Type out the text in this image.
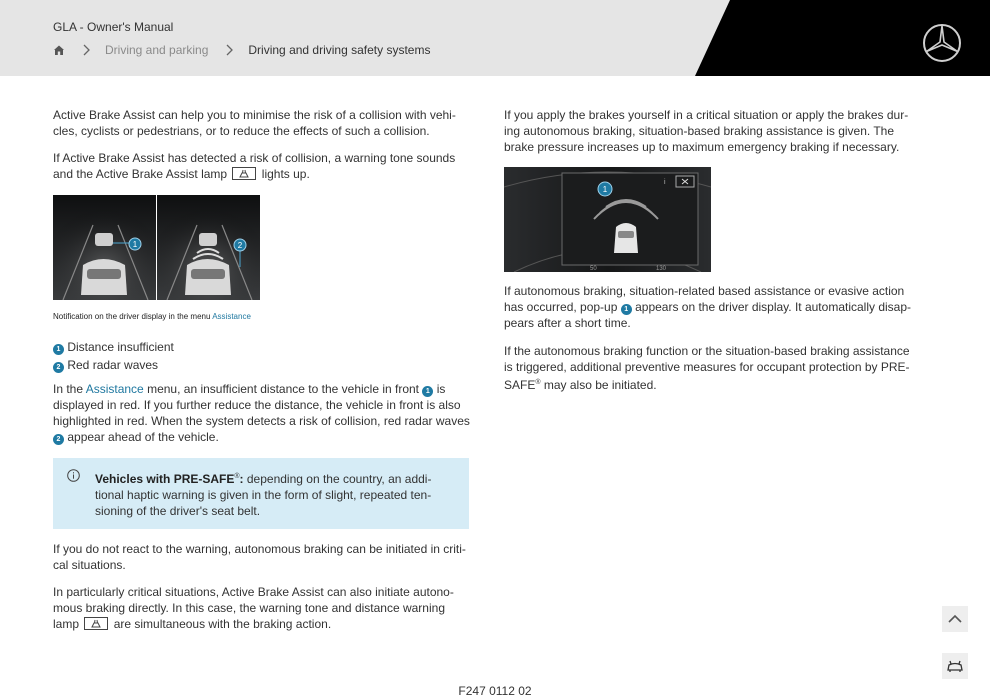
GLA - Owner's Manual
Driving and parking	Driving and driving safety systems

Active Brake Assist can help you to minimise the risk of a collision with vehi-
cles, cyclists or pedestrians, or to reduce the effects of such a collision.

If Active Brake Assist has detected a risk of collision, a warning tone sounds

and the Active Brake Assist lamp	lights up.

1	2
Notification on the driver display in the menu Assistance

1 Distance insufficient

2 Red radar waves

In the Assistance menu, an insufficient distance to the vehicle in front 1 is

displayed in red. If you further reduce the distance, the vehicle in front is also

highlighted in red. When the system detects a risk of collision, red radar waves

2 appear ahead of the vehicle.

Vehicles with PRE-SAFE®: depending on the country, an addi-
tional haptic warning is given in the form of slight, repeated ten-
sioning of the driver's seat belt.

If you do not react to the warning, autonomous braking can be initiated in criti-
cal situations.

In particularly critical situations, Active Brake Assist can also initiate autono-

mous braking directly. In this case, the warning tone and distance warning

lamp	are simultaneous with the braking action.

If you apply the brakes yourself in a critical situation or apply the brakes dur-
ing autonomous braking, situation-based braking assistance is given. The
brake pressure increases up to maximum emergency braking if necessary.

i
1
50	130

If autonomous braking, situation-related based assistance or evasive action

has occurred, pop-up 1 appears on the driver display. It automatically disap-

pears after a short time.

If the autonomous braking function or the situation-based braking assistance

is triggered, additional preventive measures for occupant protection by PRE-

SAFE® may also be initiated.

F247 0112 02
